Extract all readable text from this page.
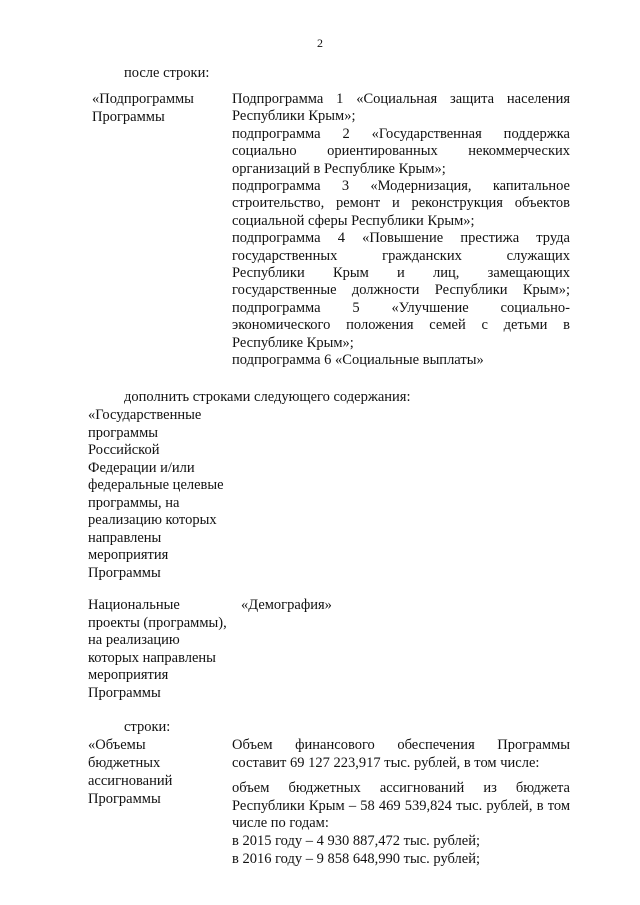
2
после строки:
«Подпрограммы
Программы
Подпрограмма 1 «Социальная защита населения
Республики Крым»;
подпрограмма 2 «Государственная поддержка
социально ориентированных некоммерческих
организаций в Республике Крым»;
подпрограмма 3 «Модернизация, капитальное
строительство, ремонт и реконструкция объектов
социальной сферы Республики Крым»;
подпрограмма 4 «Повышение престижа труда
государственных гражданских служащих
Республики Крым и лиц, замещающих
государственные должности Республики Крым»;
подпрограмма 5 «Улучшение социально-
экономического положения семей с детьми в
Республике Крым»;
подпрограмма 6 «Социальные выплаты»
дополнить строками следующего содержания:
«Государственные
программы
Российской
Федерации и/или
федеральные целевые
программы, на
реализацию которых
направлены
мероприятия
Программы
Национальные
проекты (программы),
на реализацию
которых направлены
мероприятия
Программы
«Демография»
строки:
«Объемы
бюджетных
ассигнований
Программы
Объем финансового обеспечения Программы
составит 69 127 223,917 тыс. рублей, в том числе:
объем бюджетных ассигнований из бюджета
Республики Крым – 58 469 539,824 тыс. рублей, в том
числе по годам:
в 2015 году – 4 930 887,472 тыс. рублей;
в 2016 году – 9 858 648,990 тыс. рублей;
